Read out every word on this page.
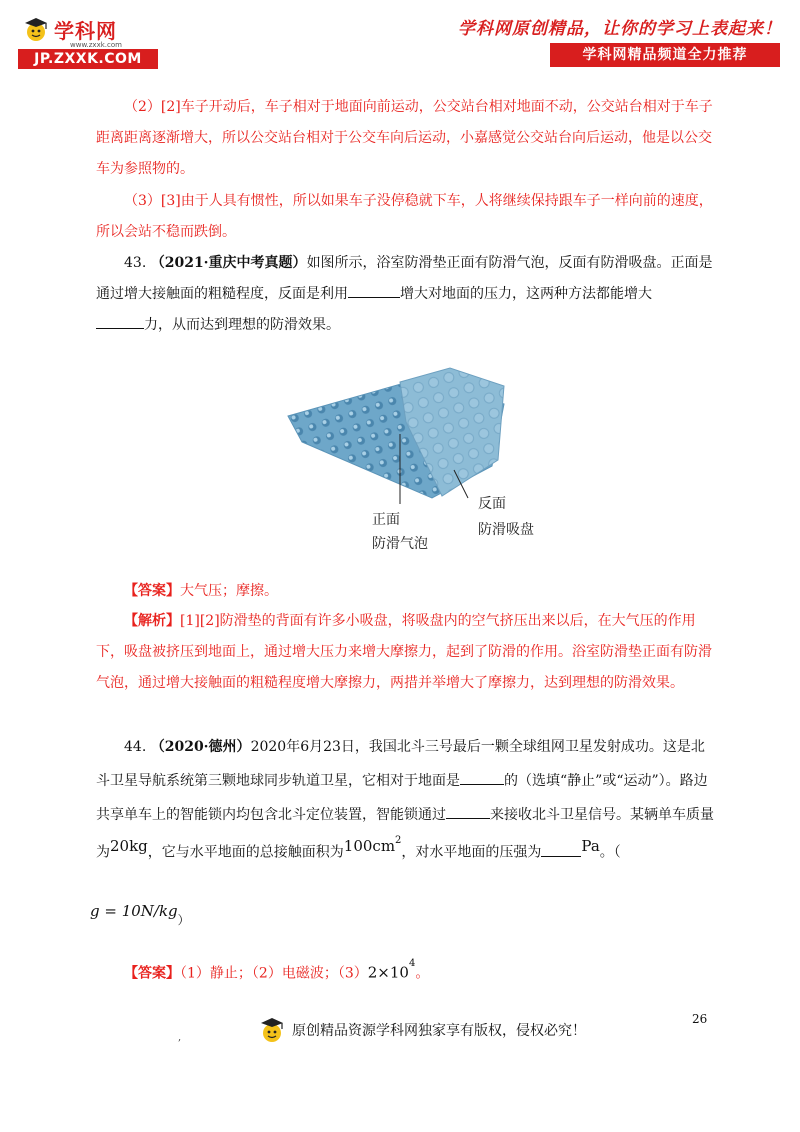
学科网
www.zxxk.com
JP.ZXXK.COM
学科网原创精品，让你的学习上表起来！
学科网精品频道全力推荐
（2）[2]车子开动后，车子相对于地面向前运动，公交站台相对地面不动，公交站台相对于车子距离距离逐渐增大，所以公交站台相对于公交车向后运动，小嘉感觉公交站台向后运动，他是以公交车为参照物的。
（3）[3]由于人具有惯性，所以如果车子没停稳就下车，人将继续保持跟车子一样向前的速度，所以会站不稳而跌倒。
43. （2021·重庆中考真题）如图所示，浴室防滑垫正面有防滑气泡，反面有防滑吸盘。正面是通过增大接触面的粗糙程度，反面是利用	增大对地面的压力，这两种方法都能增大
力，从而达到理想的防滑效果。
正面
防滑气泡
反面
防滑吸盘
【答案】大气压；摩擦。
【解析】[1][2]防滑垫的背面有许多小吸盘，将吸盘内的空气挤压出来以后，在大气压的作用下，吸盘被挤压到地面上，通过增大压力来增大摩擦力，起到了防滑的作用。浴室防滑垫正面有防滑气泡，通过增大接触面的粗糙程度增大摩擦力，两措并举增大了摩擦力，达到理想的防滑效果。
44. （2020·德州）2020年6月23日，我国北斗三号最后一颗全球组网卫星发射成功。这是北斗卫星导航系统第三颗地球同步轨道卫星，它相对于地面是	的（选填“静止”或“运动”）。路边共享单车上的智能锁内均包含北斗定位装置，智能锁通过	来接收北斗卫星信号。某辆单车质量为20kg，它与水平地面的总接触面积为$100cm^2$，对水平地面的压强为	Pa。（
g = 10N/kg）
【答案】（1）静止；（2）电磁波；$(3)2\times 10^4$。
26
,	原创精品资源学科网独家享有版权，侵权必究！
